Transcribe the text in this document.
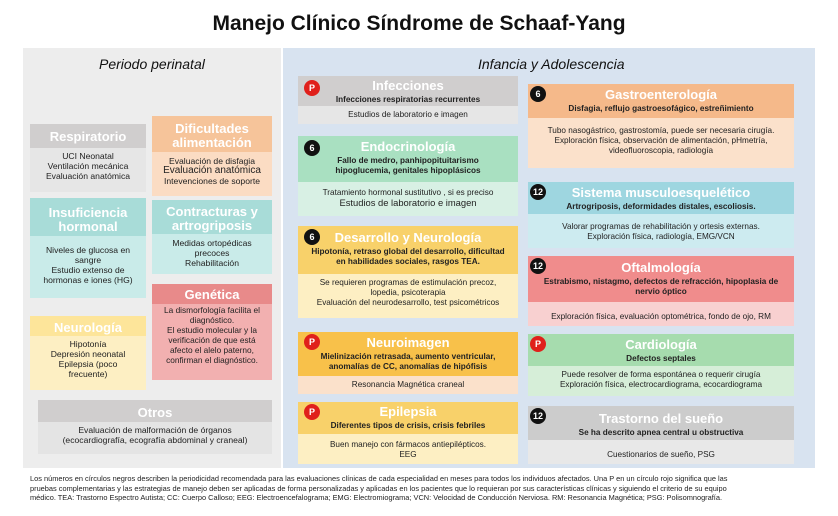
Manejo Clínico Síndrome de Schaaf-Yang
Periodo perinatal
Respiratorio
UCI Neonatal
Ventilación mecánica
Evaluación anatómica
Insuficiencia
hormonal
Niveles de glucosa en
sangre
Estudio extenso de
hormonas e iones (HG)
Neurología
Hipotonía
Depresión neonatal
Epilepsia (poco
frecuente)
Dificultades
alimentación
Evaluación de disfagia
Evaluación anatómica
Intevenciones de soporte
Contracturas y
artrogriposis
Medidas ortopédicas
precoces
Rehabilitación
Genética
La dismorfología facilita el
diagnóstico.
El estudio molecular y la
verificación de que está
afecto el alelo paterno,
confirman el diagnóstico.
Otros
Evaluación de malformación de órganos
(ecocardiografía, ecografía abdominal y craneal)
Infancia y Adolescencia
Infecciones
Infecciones respiratorias recurrentes
Estudios de laboratorio e imagen
P
Endocrinología
Fallo de medro, panhipopituitarismo
hipoglucemia, genitales hipoplásicos
Tratamiento hormonal sustitutivo , si es preciso
Estudios de laboratorio e imagen
6
Desarrollo y Neurología
Hipotonía, retraso global del desarrollo, dificultad
en habilidades sociales, rasgos TEA.
Se requieren programas de estimulación precoz,
lopedia, psicoterapia
Evaluación del neurodesarrollo, test psicométricos
6
Neuroimagen
Mielinización retrasada, aumento ventricular,
anomalías de CC, anomalías de hipófisis
Resonancia Magnética craneal
P
Epilepsia
Diferentes tipos de crisis, crisis febriles
Buen manejo con fármacos antiepilépticos.
EEG
P
Gastroenterología
Disfagia, reflujo gastroesofágico, estreñimiento
Tubo nasogástrico, gastrostomía, puede ser necesaria cirugía.
Exploración física, observación de alimentación, pHmetría,
videofluoroscopia, radiología
6
Sistema musculoesquelético
Artrogriposis, deformidades distales, escoliosis.
Valorar programas de rehabilitación y ortesis externas.
Exploración física, radiología, EMG/VCN
12
Oftalmología
Estrabismo, nistagmo, defectos de refracción, hipoplasia de
nervio óptico
Exploración física, evaluación optométrica, fondo de ojo, RM
12
Cardiología
Defectos septales
Puede resolver de forma espontánea o requerir cirugía
Exploración física, electrocardiograma, ecocardiograma
P
Trastorno del sueño
Se ha descrito apnea central u obstructiva
Cuestionarios de sueño, PSG
12
Los números en círculos negros describen la periodicidad recomendada para las evaluaciones clínicas de cada especialidad en meses para todos los individuos afectados. Una P en un círculo rojo significa que las
pruebas complementarias y las estrategias de manejo deben ser aplicadas de forma personalizadas y aplicadas en los pacientes que lo requieran por sus características clínicas y siguiendo el criterio de su equipo
médico. TEA: Trastorno Espectro Autista; CC: Cuerpo Calloso; EEG: Electroencefalograma; EMG: Electromiograma; VCN: Velocidad de Conducción Nerviosa. RM: Resonancia Magnética; PSG: Polisomnografía.
